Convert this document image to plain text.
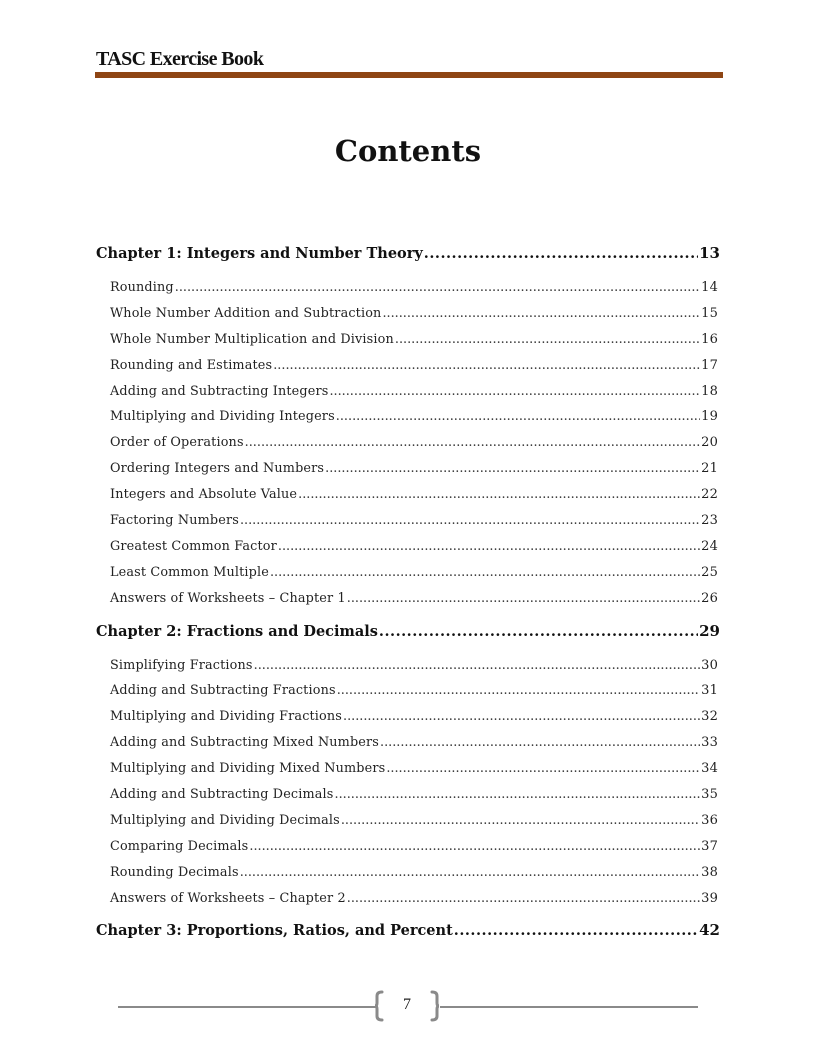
TASC Exercise Book
Contents
Chapter 1: Integers and Number Theory .....	13
Rounding .....	14
Whole Number Addition and Subtraction .....	15
Whole Number Multiplication and Division .....	16
Rounding and Estimates .....	17
Adding and Subtracting Integers .....	18
Multiplying and Dividing Integers .....	19
Order of Operations .....	20
Ordering Integers and Numbers .....	21
Integers and Absolute Value .....	22
Factoring Numbers .....	23
Greatest Common Factor .....	24
Least Common Multiple .....	25
Answers of Worksheets – Chapter 1 .....	26
Chapter 2: Fractions and Decimals .....	29
Simplifying Fractions .....	30
Adding and Subtracting Fractions .....	31
Multiplying and Dividing Fractions .....	32
Adding and Subtracting Mixed Numbers .....	33
Multiplying and Dividing Mixed Numbers .....	34
Adding and Subtracting Decimals .....	35
Multiplying and Dividing Decimals .....	36
Comparing Decimals .....	37
Rounding Decimals .....	38
Answers of Worksheets – Chapter 2 .....	39
Chapter 3: Proportions, Ratios, and Percent .....	42
7
